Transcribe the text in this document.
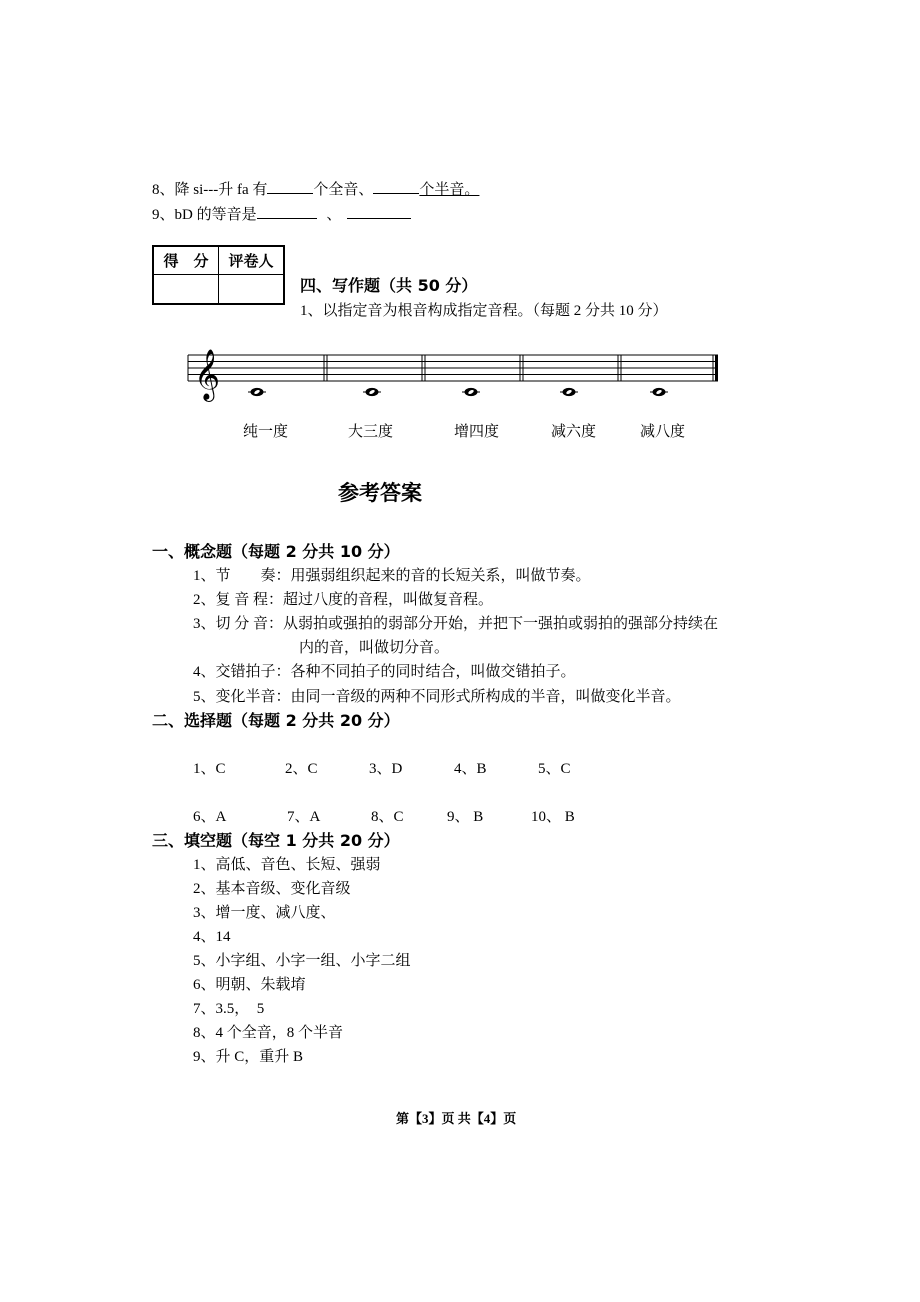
8、降 si---升 fa 有	个全音、	个半音。
9、bD 的等音是	、
得　分	评卷人

四、写作题（共 50 分）
1、以指定音为根音构成指定音程。（每题 2 分共 10 分）
𝄞
纯一度	大三度	增四度	减六度	减八度
参考答案
一、概念题（每题 2 分共 10 分）
1、节　　奏：用强弱组织起来的音的长短关系，叫做节奏。
2、复 音 程：超过八度的音程，叫做复音程。
3、切 分 音：从弱拍或强拍的弱部分开始，并把下一强拍或弱拍的强部分持续在
内的音，叫做切分音。
4、交错拍子：各种不同拍子的同时结合，叫做交错拍子。
5、变化半音：由同一音级的两种不同形式所构成的半音，叫做变化半音。
二、选择题（每题 2 分共 20 分）
1、C	2、C	3、D	4、B	5、C
6、A	7、A	8、C	9、 B	10、 B
三、填空题（每空 1 分共 20 分）
1、高低、音色、长短、强弱
2、基本音级、变化音级
3、增一度、减八度、
4、14
5、小字组、小字一组、小字二组
6、明朝、朱载堉
7、3.5，　5
8、4 个全音，8 个半音
9、升 C，重升 B
第【3】页 共【4】页
